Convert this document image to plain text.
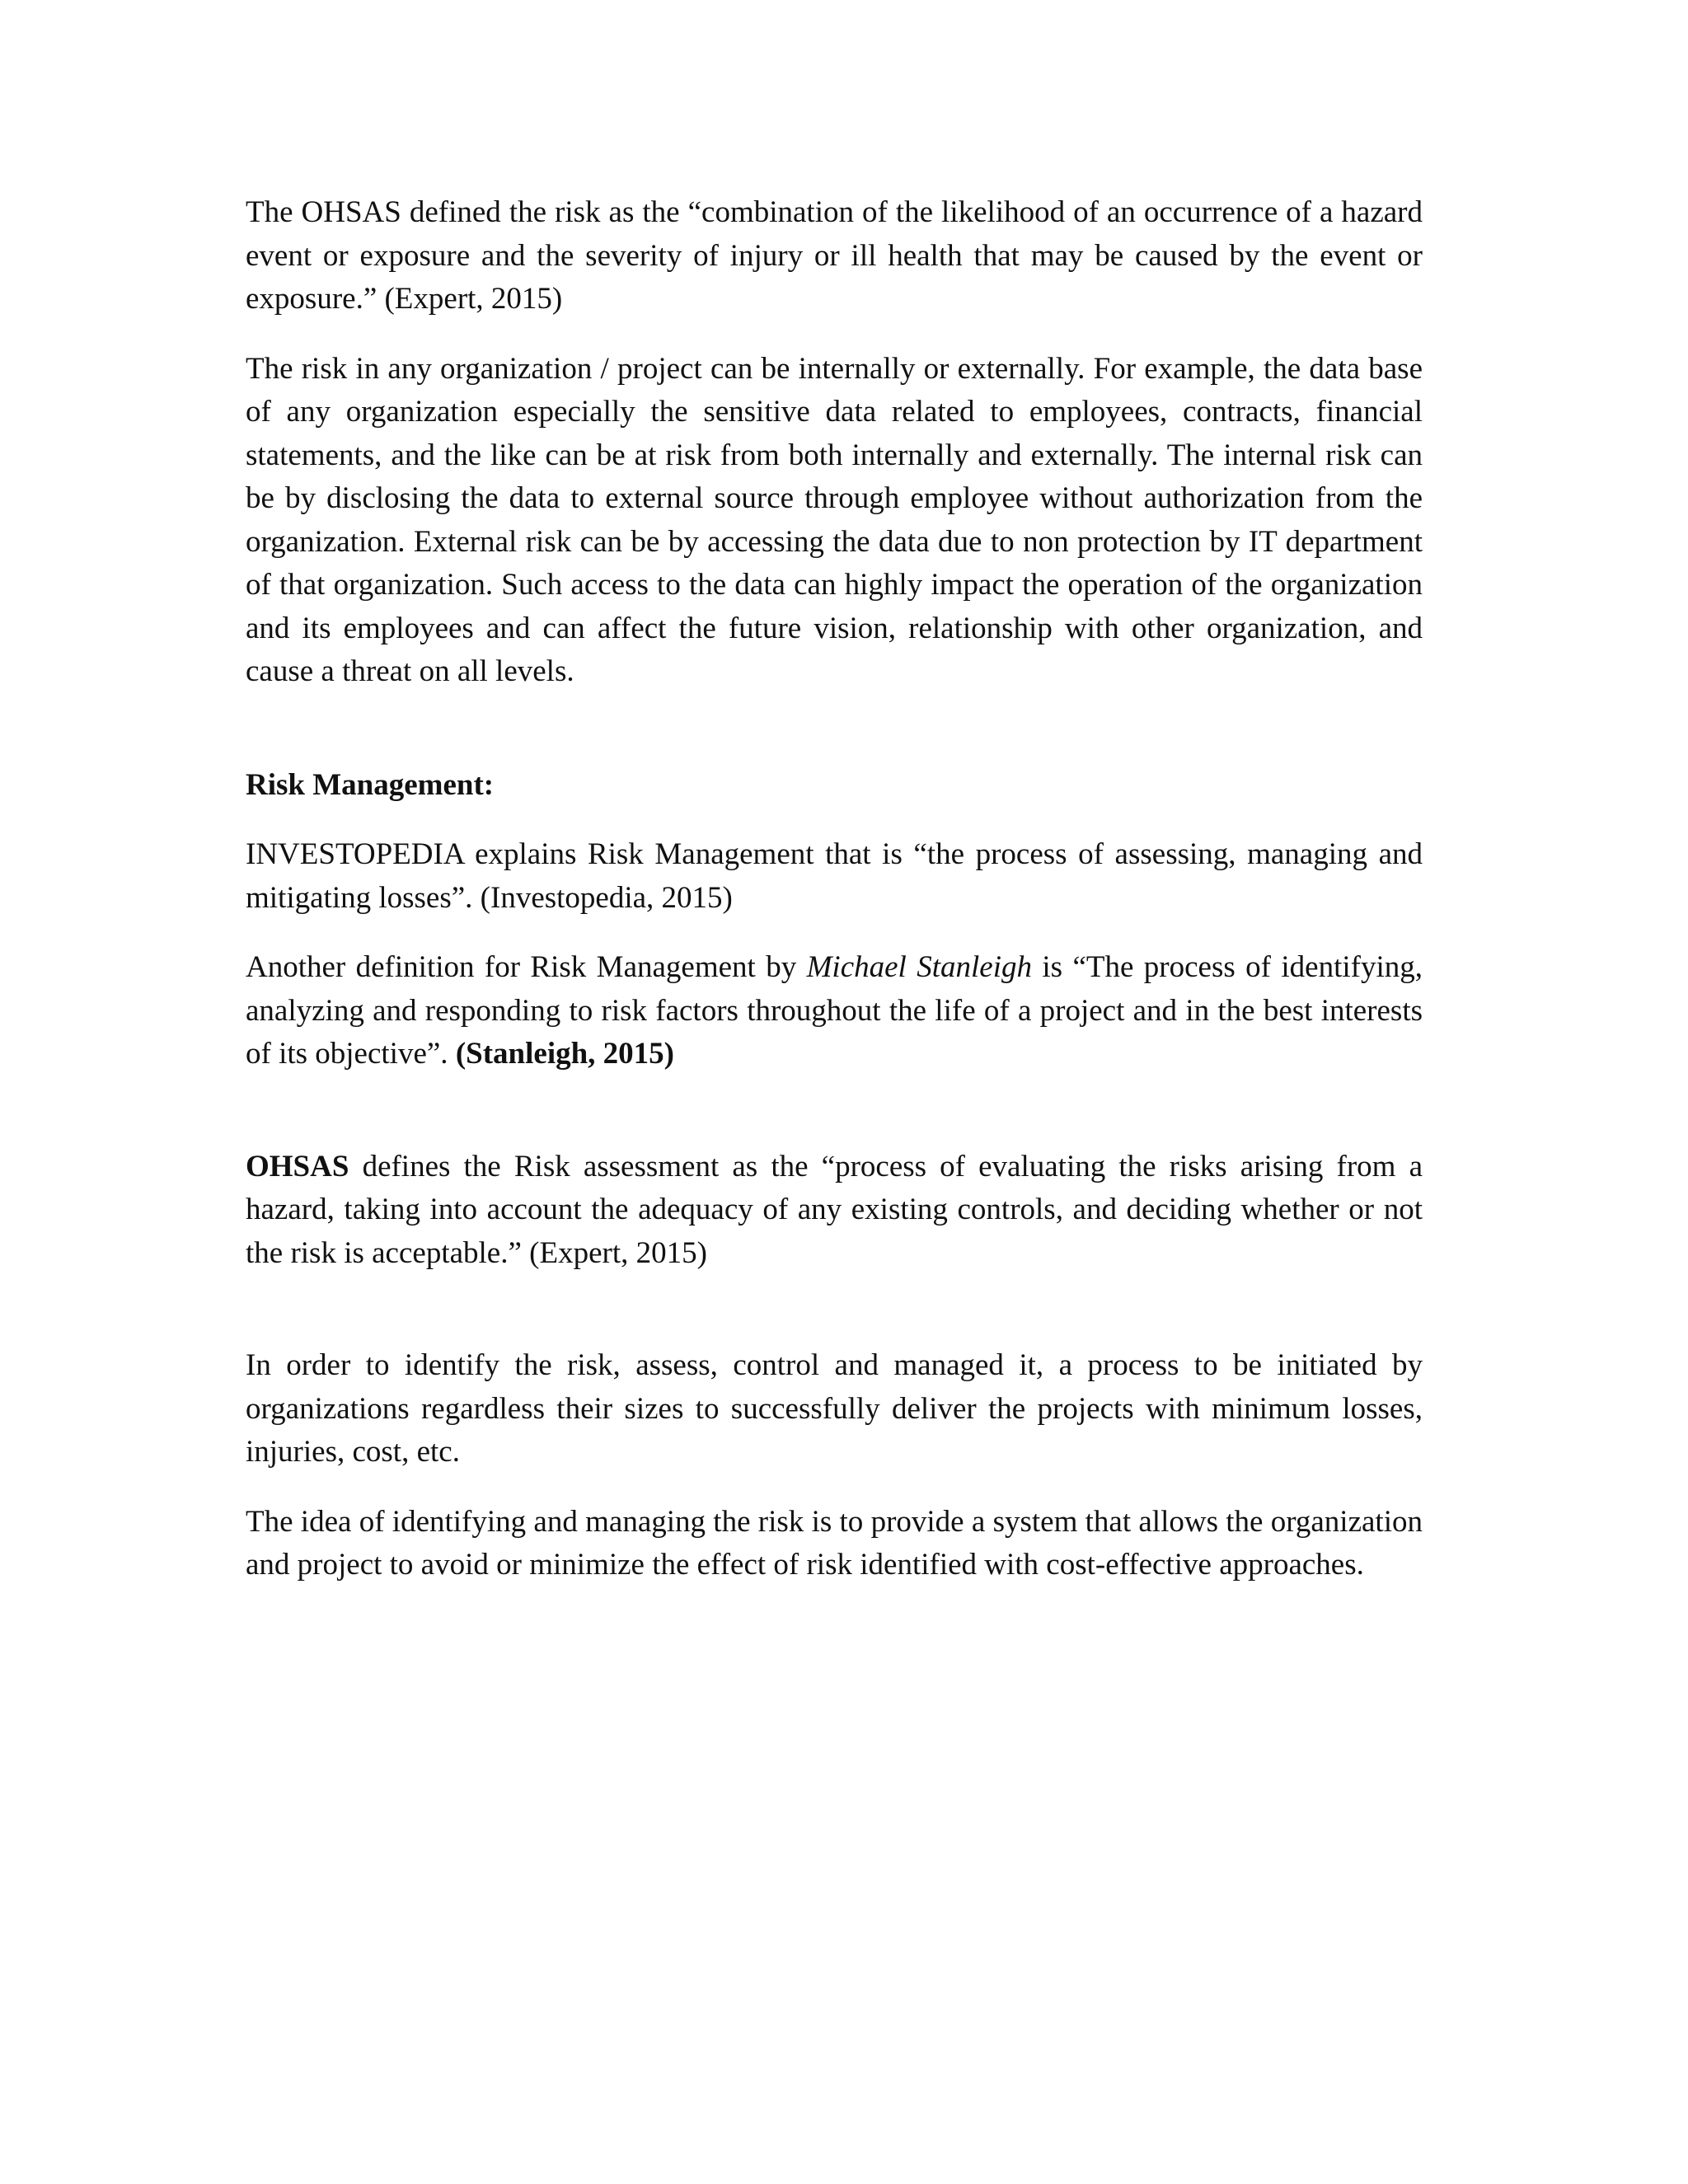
The OHSAS defined the risk as the “combination of the likelihood of an occurrence of a hazard event or exposure and the severity of injury or ill health that may be caused by the event or exposure.” (Expert, 2015)

The risk in any organization / project can be internally or externally. For example, the data base of any organization especially the sensitive data related to employees, contracts, financial statements, and the like can be at risk from both internally and externally. The internal risk can be by disclosing the data to external source through employee without authorization from the organization. External risk can be by accessing the data due to non protection by IT department of that organization. Such access to the data can highly impact the operation of the organization and its employees and can affect the future vision, relationship with other organization, and cause a threat on all levels.

Risk Management:

INVESTOPEDIA explains Risk Management that is “the process of assessing, managing and mitigating losses”. (Investopedia, 2015)

Another definition for Risk Management by Michael Stanleigh is “The process of identifying, analyzing and responding to risk factors throughout the life of a project and in the best interests of its objective”. (Stanleigh, 2015)

OHSAS defines the Risk assessment as the “process of evaluating the risks arising from a hazard, taking into account the adequacy of any existing controls, and deciding whether or not the risk is acceptable.” (Expert, 2015)

In order to identify the risk, assess, control and managed it, a process to be initiated by organizations regardless their sizes to successfully deliver the projects with minimum losses, injuries, cost, etc.

The idea of identifying and managing the risk is to provide a system that allows the organization and project to avoid or minimize the effect of risk identified with cost-effective approaches.
